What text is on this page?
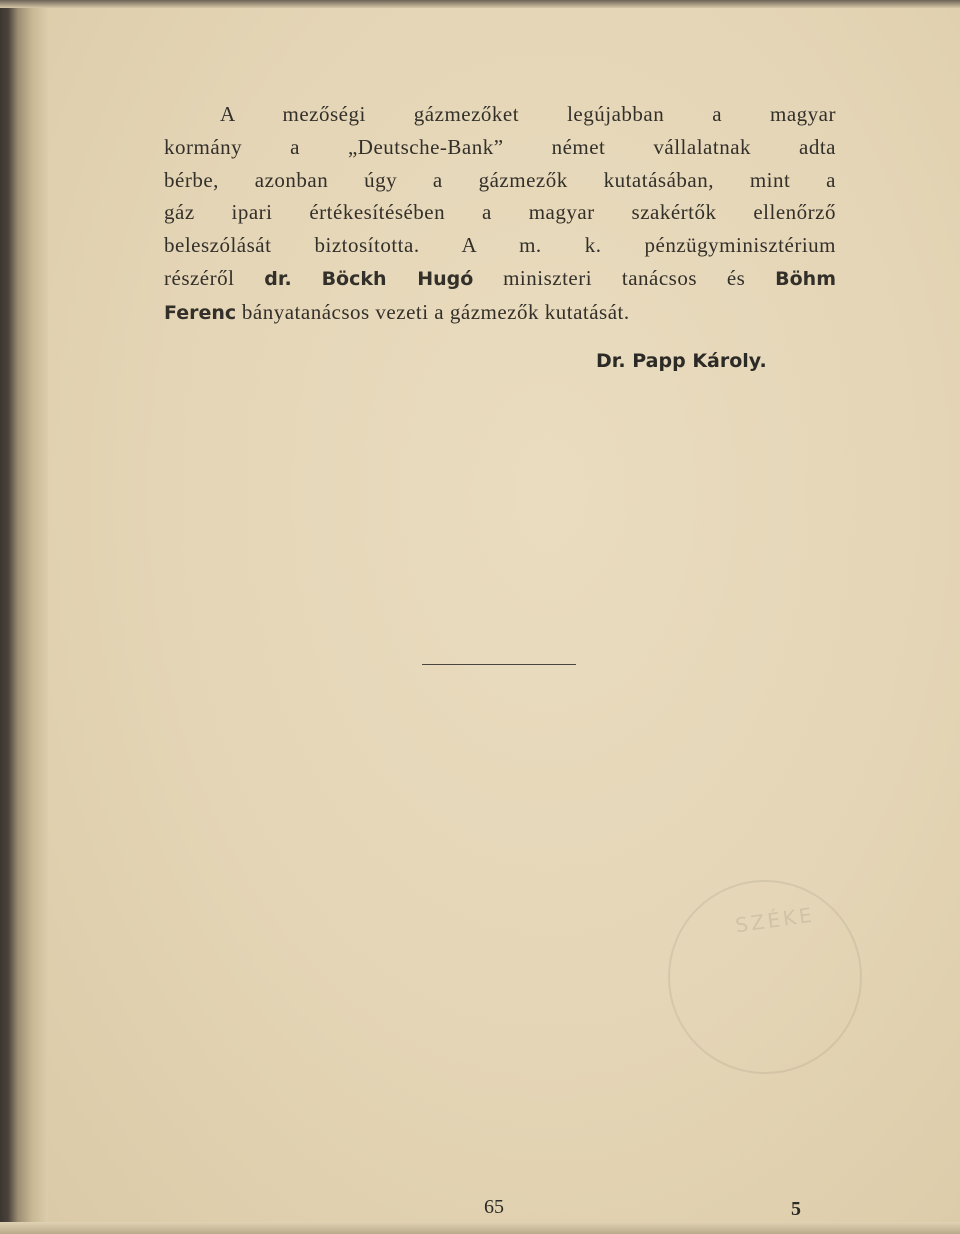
SZÉKE
A mezőségi gázmezőket legújabban a magyar
kormány a „Deutsche-Bank” német vállalatnak adta
bérbe, azonban úgy a gázmezők kutatásában, mint a
gáz ipari értékesítésében a magyar szakértők ellenőrző
beleszólását biztosította. A m. k. pénzügyminisztérium
részéről dr. Böckh Hugó miniszteri tanácsos és Böhm
Ferenc bányatanácsos vezeti a gázmezők kutatását.
Dr. Papp Károly.
65	5
